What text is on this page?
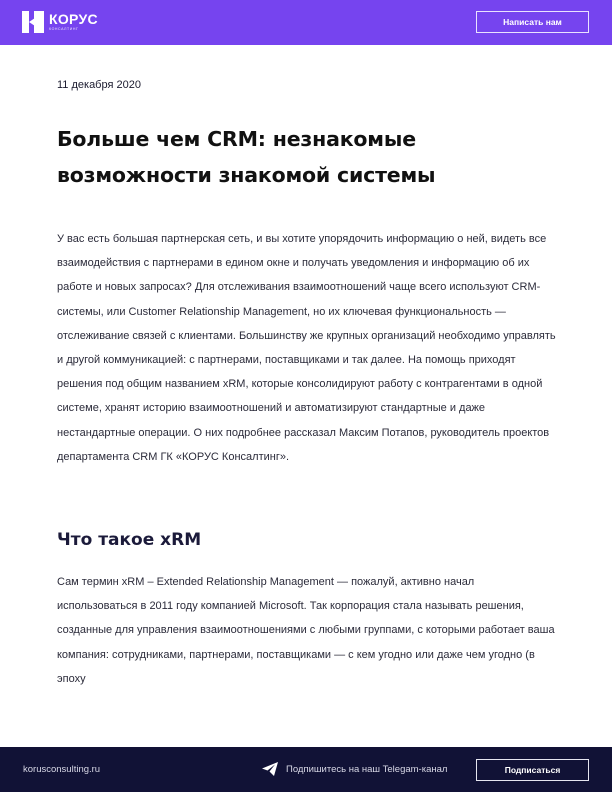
КОРУС
КОНСАЛТИНГ
Написать нам
11 декабря 2020
Больше чем CRM: незнакомые возможности знакомой системы

У вас есть большая партнерская сеть, и вы хотите упорядочить информацию о ней, видеть все взаимодействия с партнерами в едином окне и получать уведомления и информацию об их работе и новых запросах? Для отслеживания взаимоотношений чаще всего используют CRM-системы, или Customer Relationship Management, но их ключевая функциональность — отслеживание связей с клиентами. Большинству же крупных организаций необходимо управлять и другой коммуникацией: с партнерами, поставщиками и так далее. На помощь приходят решения под общим названием xRM, которые консолидируют работу с контрагентами в одной системе, хранят историю взаимоотношений и автоматизируют стандартные и даже нестандартные операции. О них подробнее рассказал Максим Потапов, руководитель проектов департамента CRM ГК «КОРУС Консалтинг».

Что такое xRM

Сам термин xRM – Extended Relationship Management — пожалуй, активно начал использоваться в 2011 году компанией Microsoft. Так корпорация стала называть решения, созданные для управления взаимоотношениями с любыми группами, с которыми работает ваша компания: сотрудниками, партнерами, поставщиками — с кем угодно или даже чем угодно (в эпоху

korusconsulting.ru	Подпишитесь на наш Telegam-канал	Подписаться
